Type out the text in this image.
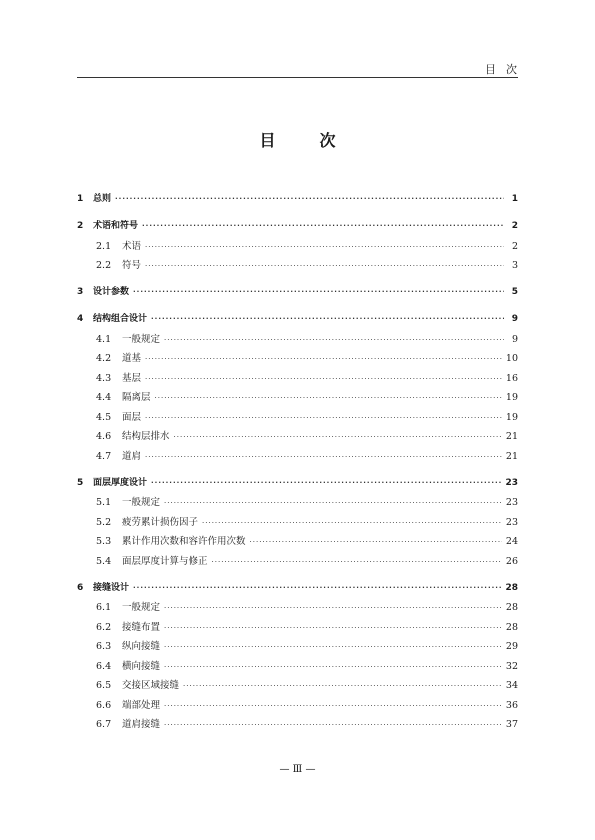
目次
目　次
1	总则 ·····	1
2	术语和符号 ·····	2
2.1	术语 ·····	2
2.2	符号 ·····	3
3	设计参数 ·····	5
4	结构组合设计 ·····	9
4.1	一般规定 ·····	9
4.2	道基 ·····	10
4.3	基层 ·····	16
4.4	隔离层 ·····	19
4.5	面层 ·····	19
4.6	结构层排水 ·····	21
4.7	道肩 ·····	21
5	面层厚度设计 ·····	23
5.1	一般规定 ·····	23
5.2	疲劳累计损伤因子 ·····	23
5.3	累计作用次数和容许作用次数 ·····	24
5.4	面层厚度计算与修正 ·····	26
6	接缝设计 ·····	28
6.1	一般规定 ·····	28
6.2	接缝布置 ·····	28
6.3	纵向接缝 ·····	29
6.4	横向接缝 ·····	32
6.5	交接区域接缝 ·····	34
6.6	端部处理 ·····	36
6.7	道肩接缝 ·····	37
— Ⅲ —
